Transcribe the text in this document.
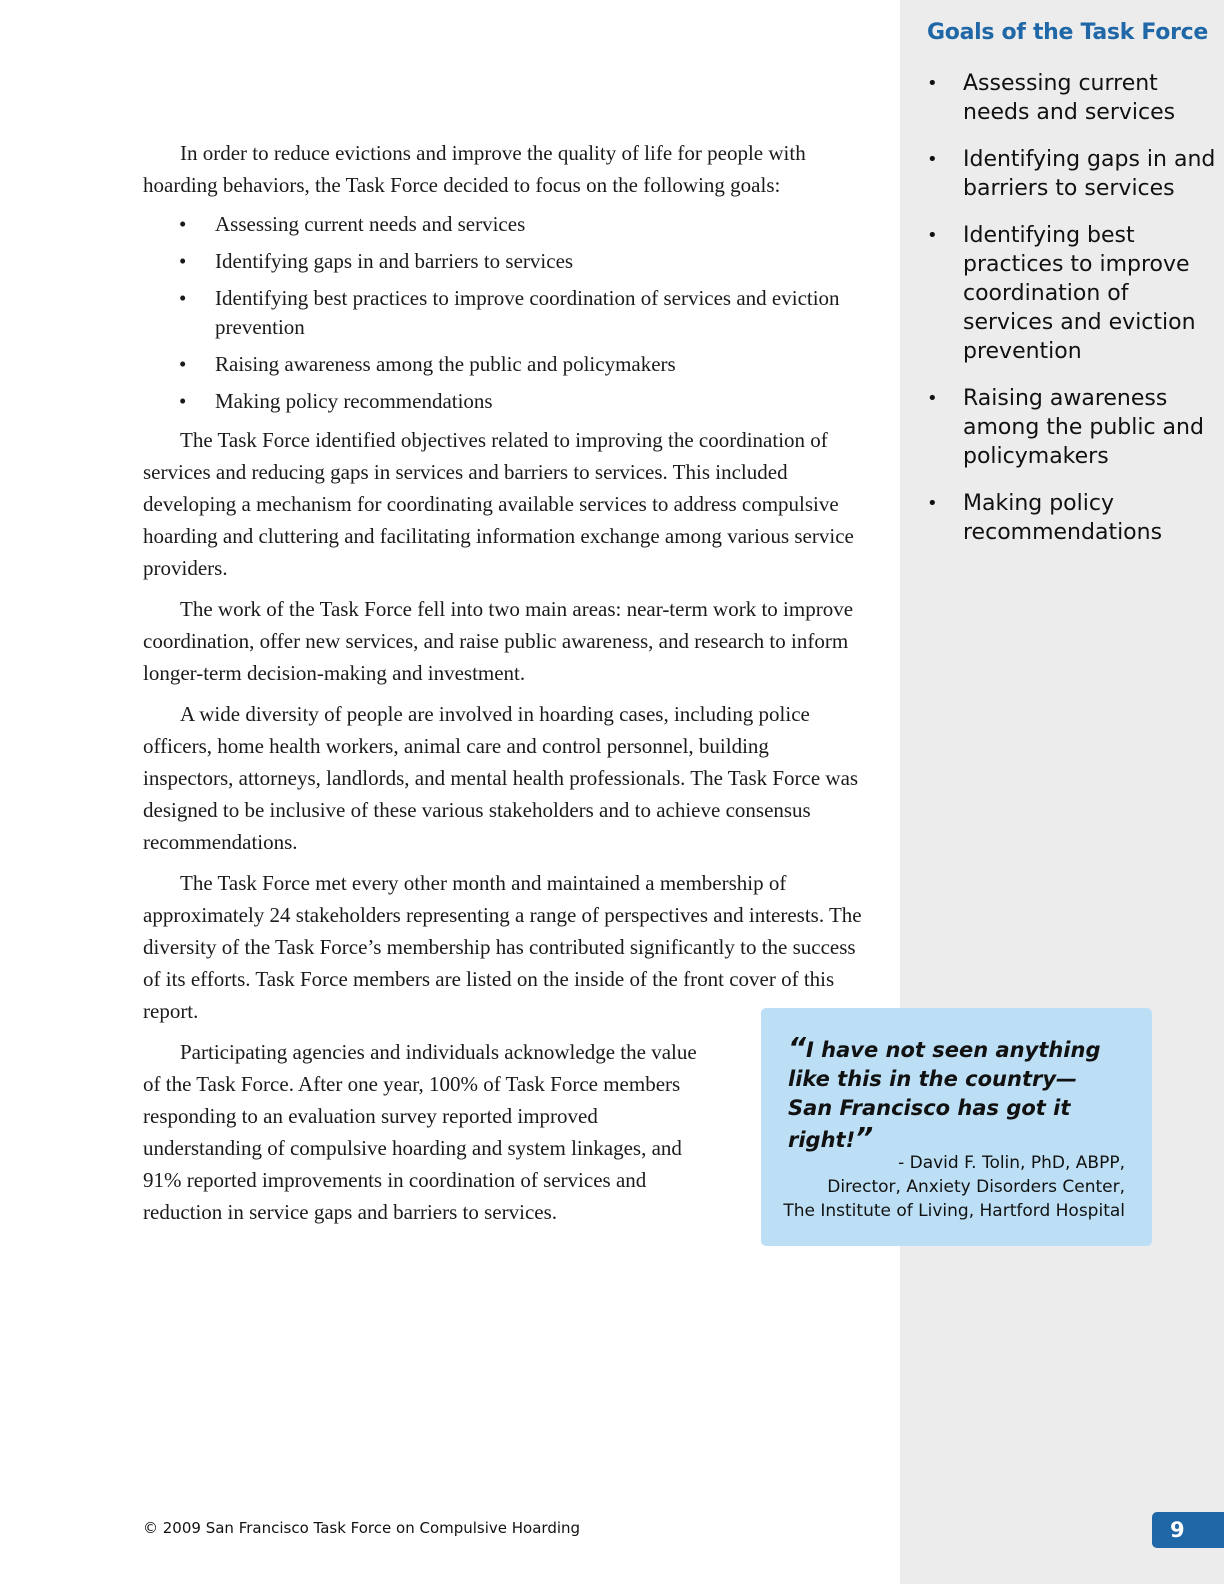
Goals of the Task Force
• Assessing current needs and services
• Identifying gaps in and barriers to services
• Identifying best practices to improve coordination of services and eviction prevention
• Raising awareness among the public and policymakers
• Making policy recommendations

In order to reduce evictions and improve the quality of life for people with hoarding behaviors, the Task Force decided to focus on the following goals:

• Assessing current needs and services
• Identifying gaps in and barriers to services
• Identifying best practices to improve coordination of services and eviction prevention
• Raising awareness among the public and policymakers
• Making policy recommendations

The Task Force identified objectives related to improving the coordination of services and reducing gaps in services and barriers to services. This included developing a mechanism for coordinating available services to address compulsive hoarding and cluttering and facilitating information exchange among various service providers.

The work of the Task Force fell into two main areas: near-term work to improve coordination, offer new services, and raise public awareness, and research to inform longer-term decision-making and investment.

A wide diversity of people are involved in hoarding cases, including police officers, home health workers, animal care and control personnel, building inspectors, attorneys, landlords, and mental health professionals. The Task Force was designed to be inclusive of these various stakeholders and to achieve consensus recommendations.

The Task Force met every other month and maintained a membership of approximately 24 stakeholders representing a range of perspectives and interests. The diversity of the Task Force’s membership has contributed significantly to the success of its efforts. Task Force members are listed on the inside of the front cover of this report.

Participating agencies and individuals acknowledge the value of the Task Force. After one year, 100% of Task Force members responding to an evaluation survey reported improved understanding of compulsive hoarding and system linkages, and 91% reported improvements in coordination of services and reduction in service gaps and barriers to services.

“I have not seen anything like this in the country—San Francisco has got it right!”
- David F. Tolin, PhD, ABPP,
Director, Anxiety Disorders Center,
The Institute of Living, Hartford Hospital
© 2009 San Francisco Task Force on Compulsive Hoarding	9
